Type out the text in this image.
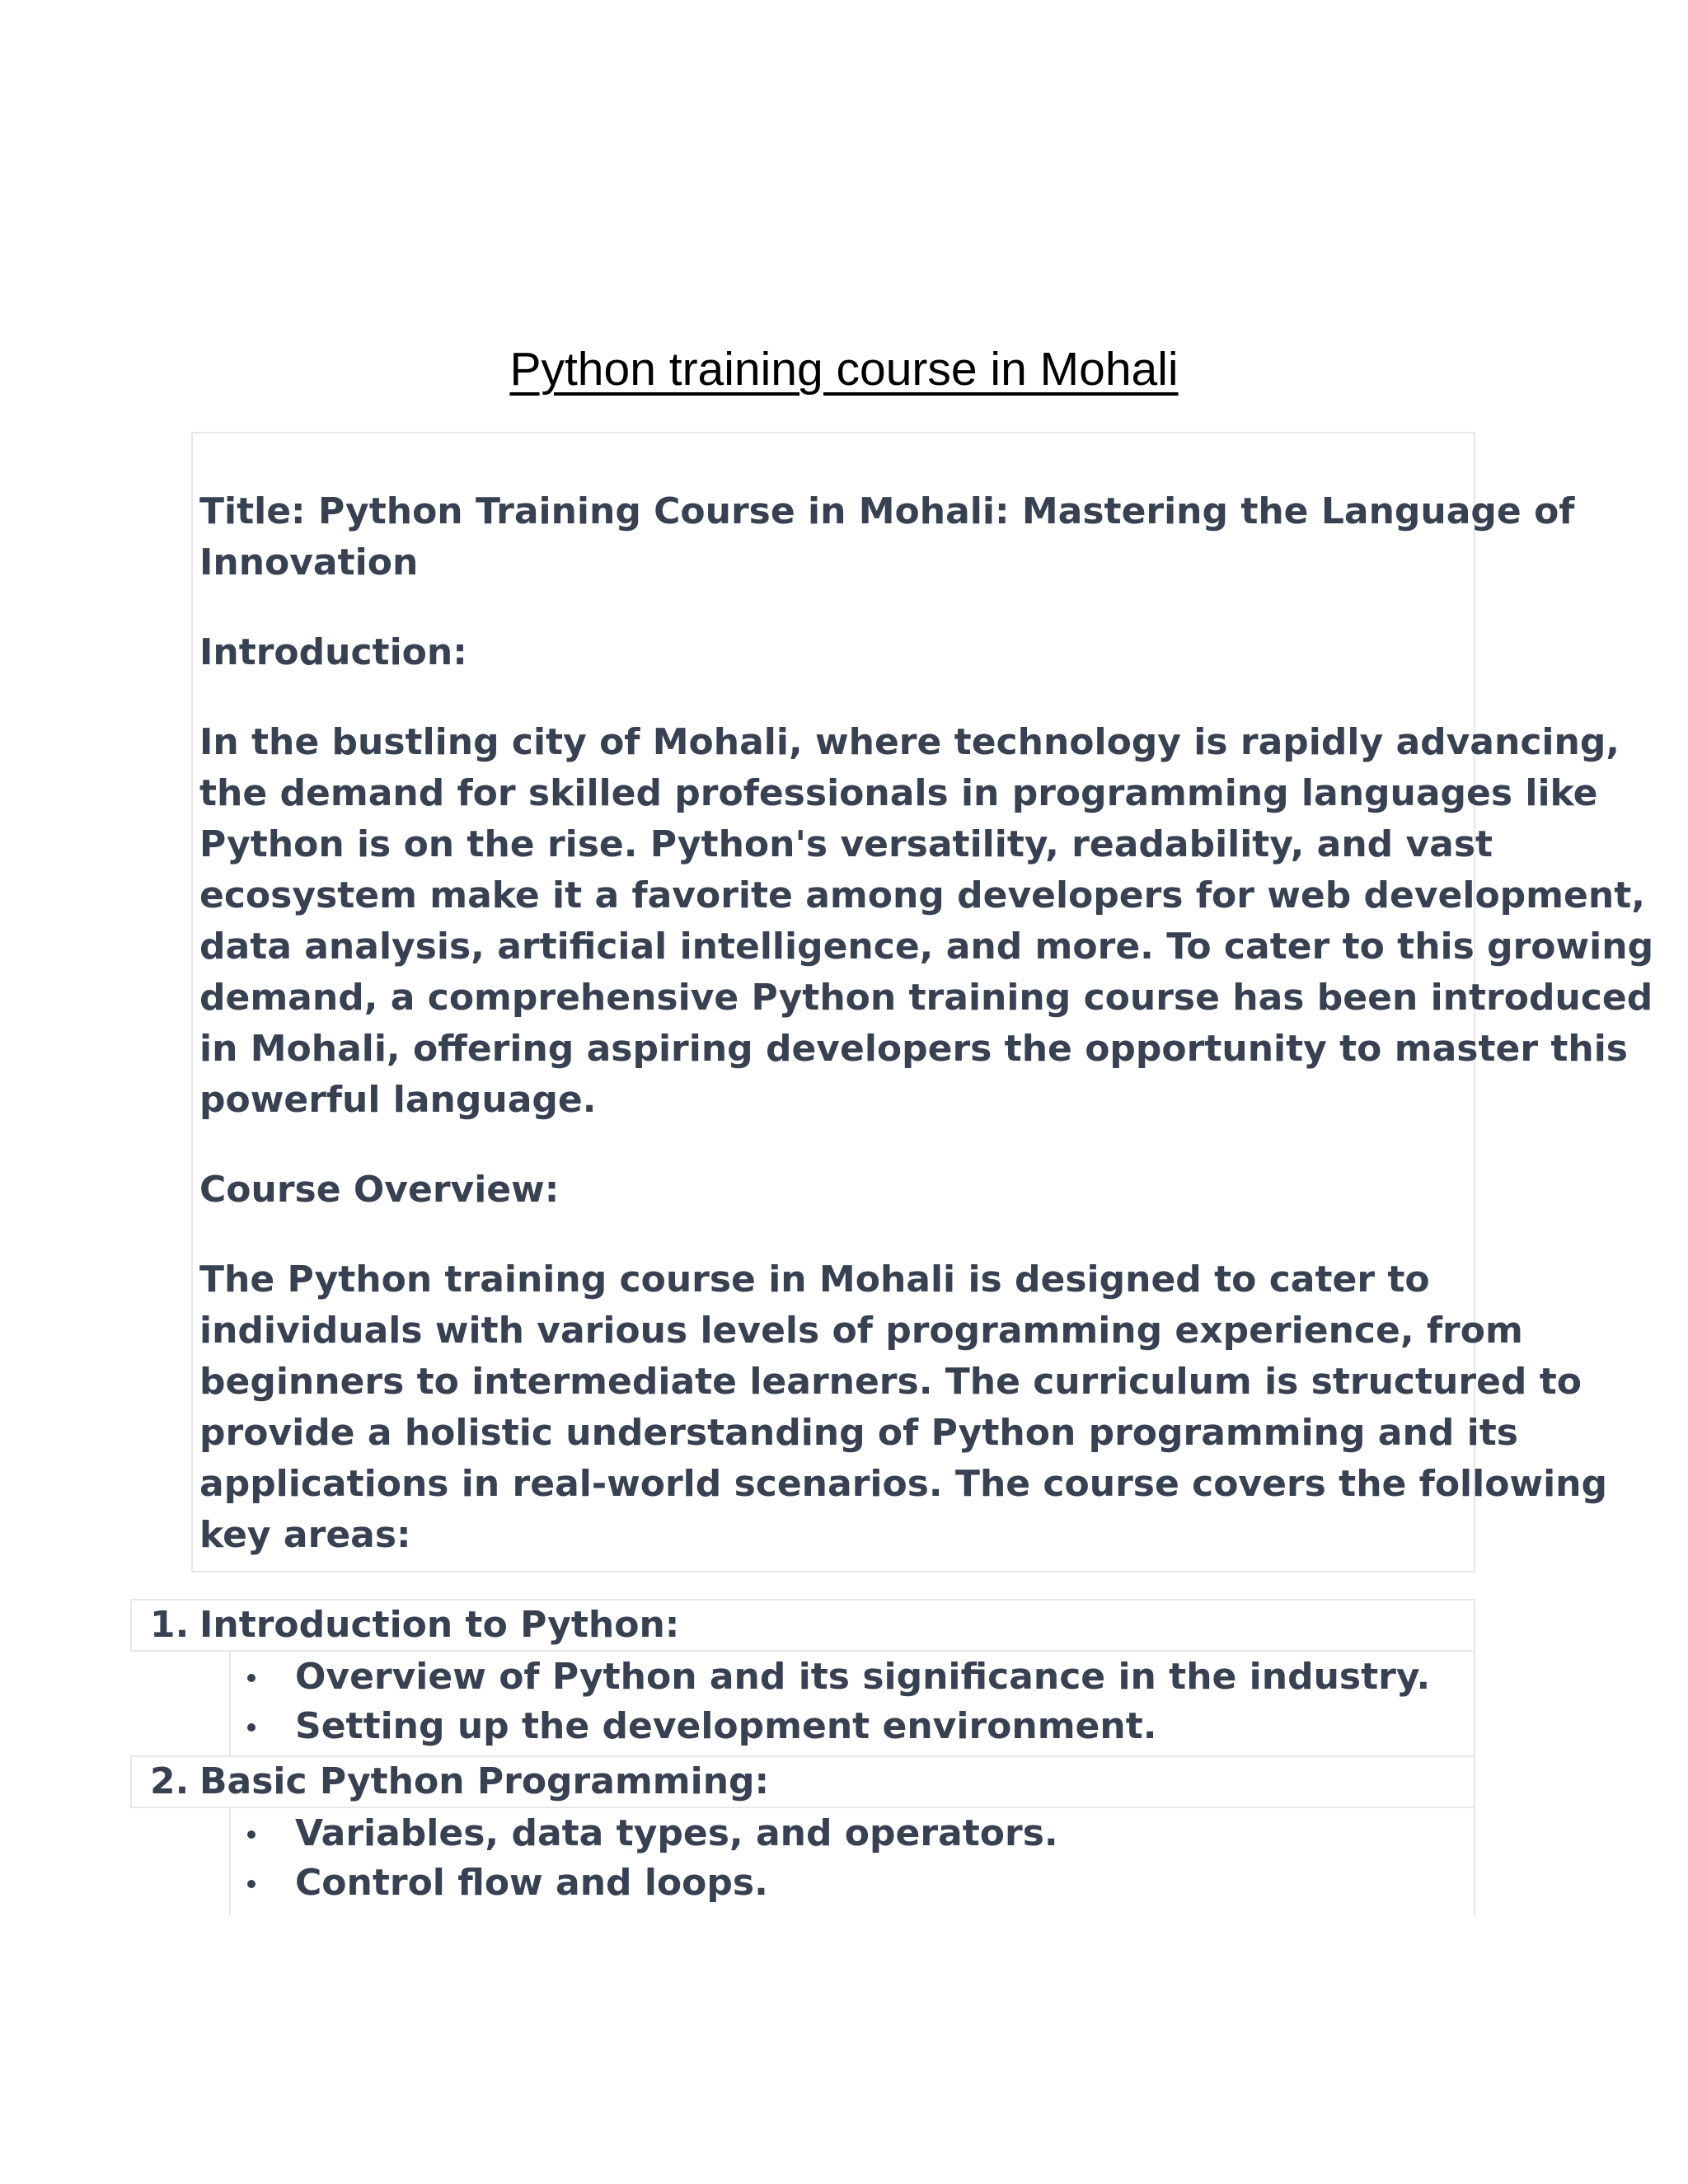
Python training course in Mohali

Title: Python Training Course in Mohali: Mastering the Language of
Innovation

Introduction:

In the bustling city of Mohali, where technology is rapidly advancing,
the demand for skilled professionals in programming languages like
Python is on the rise. Python's versatility, readability, and vast
ecosystem make it a favorite among developers for web development,
data analysis, artificial intelligence, and more. To cater to this growing
demand, a comprehensive Python training course has been introduced
in Mohali, offering aspiring developers the opportunity to master this
powerful language.

Course Overview:

The Python training course in Mohali is designed to cater to
individuals with various levels of programming experience, from
beginners to intermediate learners. The curriculum is structured to
provide a holistic understanding of Python programming and its
applications in real-world scenarios. The course covers the following
key areas:

1. Introduction to Python:
Overview of Python and its significance in the industry.
Setting up the development environment.
2. Basic Python Programming:
Variables, data types, and operators.
Control flow and loops.
